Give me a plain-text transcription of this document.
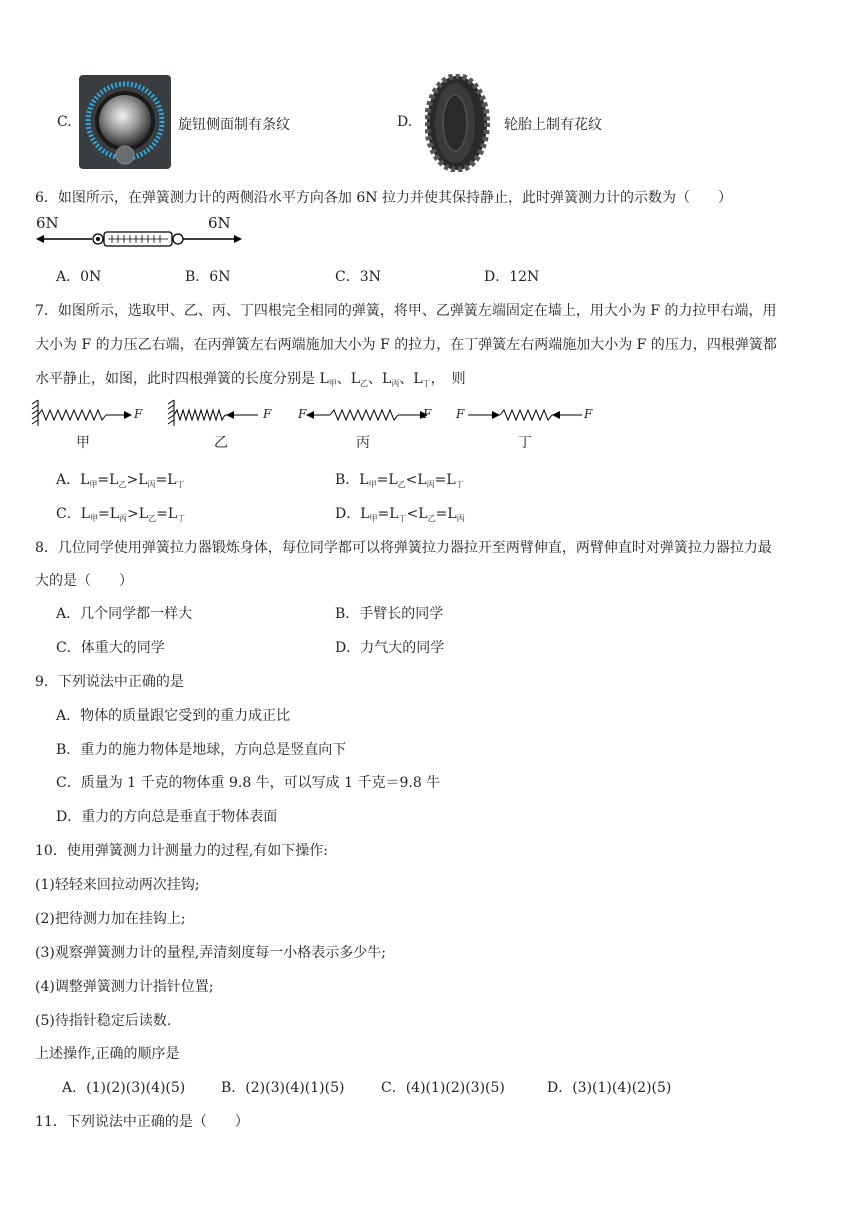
C.	旋钮侧面制有条纹	D.	轮胎上制有花纹
6．如图所示，在弹簧测力计的两侧沿水平方向各加 6N 拉力并使其保持静止，此时弹簧测力计的示数为（　　）
6N	6N
A．0N	B．6N	C．3N	D．12N
7．如图所示，选取甲、乙、丙、丁四根完全相同的弹簧，将甲、乙弹簧左端固定在墙上，用大小为 F 的力拉甲右端，用
大小为 F 的力压乙右端，在丙弹簧左右两端施加大小为 F 的拉力，在丁弹簧左右两端施加大小为 F 的压力，四根弹簧都
水平静止，如图，此时四根弹簧的长度分别是 $L_甲$、$L_乙$、$L_丙$、$L_丁$，　则
F	F F	F F	F
甲	乙	丙	丁
A．$L_甲=L_乙>L_丙=L_丁$	B．$L_甲=L_乙<L_丙=L_丁$
C．$L_甲=L_丙>L_乙=L_丁$	D．$L_甲=L_丁<L_乙=L_丙$
8．几位同学使用弹簧拉力器锻炼身体，每位同学都可以将弹簧拉力器拉开至两臂伸直，两臂伸直时对弹簧拉力器拉力最
大的是（　　）
A．几个同学都一样大	B．手臂长的同学
C．体重大的同学	D．力气大的同学
9．下列说法中正确的是
A．物体的质量跟它受到的重力成正比
B．重力的施力物体是地球，方向总是竖直向下
C．质量为 1 千克的物体重 9.8 牛，可以写成 1 千克＝9.8 牛
D．重力的方向总是垂直于物体表面
10．使用弹簧测力计测量力的过程,有如下操作:
(1)轻轻来回拉动两次挂钩;
(2)把待测力加在挂钩上;
(3)观察弹簧测力计的量程,弄清刻度每一小格表示多少牛;
(4)调整弹簧测力计指针位置;
(5)待指针稳定后读数.
上述操作,正确的顺序是
A．(1)(2)(3)(4)(5)	B．(2)(3)(4)(1)(5)	C．(4)(1)(2)(3)(5)	D．(3)(1)(4)(2)(5)
11．下列说法中正确的是（　　）
